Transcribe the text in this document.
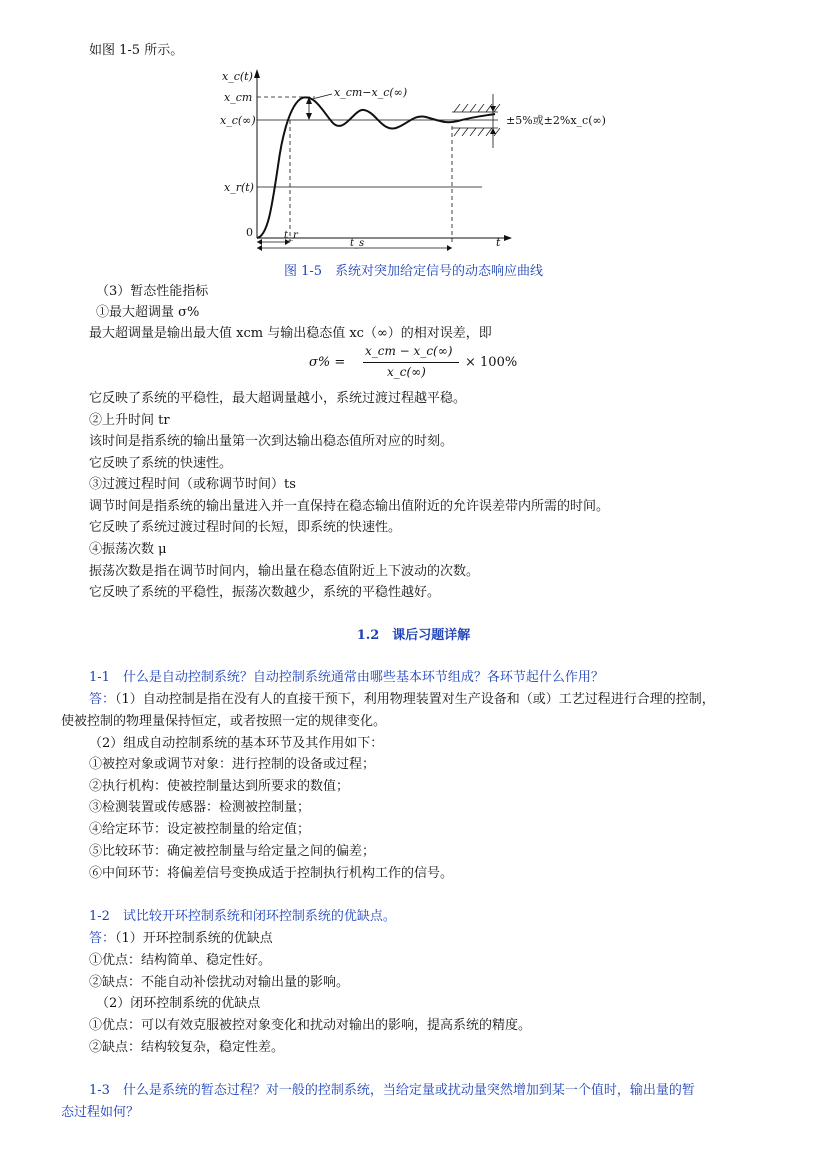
如图 1-5 所示。
x_c(t)
x_cm
x_c(∞)
x_r(t)
0
t
t_r
t_s
x_cm−x_c(∞)
±5%或±2%x_c(∞)
图 1-5　系统对突加给定信号的动态响应曲线
（3）暂态性能指标
①最大超调量 σ%
最大超调量是输出最大值 xcm 与输出稳态值 xc（∞）的相对误差，即
σ% =
x_cm − x_c(∞)
x_c(∞)
× 100%
它反映了系统的平稳性，最大超调量越小，系统过渡过程越平稳。
②上升时间 tr
该时间是指系统的输出量第一次到达输出稳态值所对应的时刻。
它反映了系统的快速性。
③过渡过程时间（或称调节时间）ts
调节时间是指系统的输出量进入并一直保持在稳态输出值附近的允许误差带内所需的时间。
它反映了系统过渡过程时间的长短，即系统的快速性。
④振荡次数 μ
振荡次数是指在调节时间内，输出量在稳态值附近上下波动的次数。
它反映了系统的平稳性，振荡次数越少，系统的平稳性越好。
1.2　课后习题详解
1-1　什么是自动控制系统？自动控制系统通常由哪些基本环节组成？各环节起什么作用？
答：（1）自动控制是指在没有人的直接干预下，利用物理装置对生产设备和（或）工艺过程进行合理的控制，
使被控制的物理量保持恒定，或者按照一定的规律变化。
（2）组成自动控制系统的基本环节及其作用如下：
①被控对象或调节对象：进行控制的设备或过程；
②执行机构：使被控制量达到所要求的数值；
③检测装置或传感器：检测被控制量；
④给定环节：设定被控制量的给定值；
⑤比较环节：确定被控制量与给定量之间的偏差；
⑥中间环节：将偏差信号变换成适于控制执行机构工作的信号。
1-2　试比较开环控制系统和闭环控制系统的优缺点。
答：（1）开环控制系统的优缺点
①优点：结构简单、稳定性好。
②缺点：不能自动补偿扰动对输出量的影响。
（2）闭环控制系统的优缺点
①优点：可以有效克服被控对象变化和扰动对输出的影响，提高系统的精度。
②缺点：结构较复杂，稳定性差。
1-3　什么是系统的暂态过程？对一般的控制系统，当给定量或扰动量突然增加到某一个值时，输出量的暂
态过程如何？
